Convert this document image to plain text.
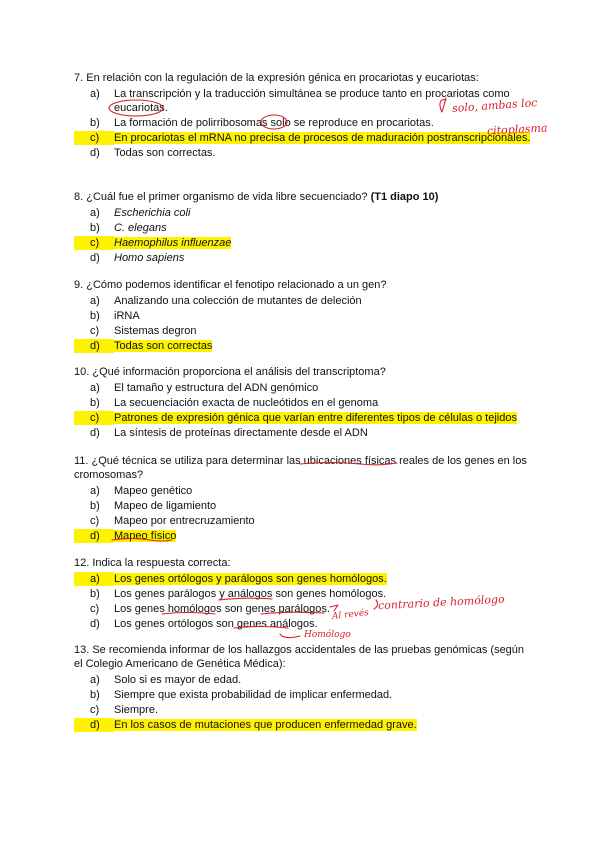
7. En relación con la regulación de la expresión génica en procariotas y eucariotas:

a)	La transcripción y la traducción simultánea se produce tanto en procariotas como eucariotas.
b)	La formación de polirribosomas solo se reproduce en procariotas.
c)	En procariotas el mRNA no precisa de procesos de maduración postranscripcionales.
d)	Todas son correctas.

8. ¿Cuál fue el primer organismo de vida libre secuenciado? (T1 diapo 10)

a)	Escherichia coli
b)	C. elegans
c)	Haemophilus influenzae
d)	Homo sapiens

9. ¿Cómo podemos identificar el fenotipo relacionado a un gen?

a)	Analizando una colección de mutantes de deleción
b)	iRNA
c)	Sistemas degron
d)	Todas son correctas

10. ¿Qué información proporciona el análisis del transcriptoma?

a)	El tamaño y estructura del ADN genómico
b)	La secuenciación exacta de nucleótidos en el genoma
c)	Patrones de expresión génica que varían entre diferentes tipos de células o tejidos
d)	La síntesis de proteínas directamente desde el ADN

11. ¿Qué técnica se utiliza para determinar las ubicaciones físicas reales de los genes en los cromosomas?

a)	Mapeo genético
b)	Mapeo de ligamiento
c)	Mapeo por entrecruzamiento
d)	Mapeo físico

12. Indica la respuesta correcta:

a)	Los genes ortólogos y parálogos son genes homólogos.
b)	Los genes parálogos y análogos son genes homólogos.
c)	Los genes homólogos son genes parálogos.
d)	Los genes ortólogos son genes análogos.

13. Se recomienda informar de los hallazgos accidentales de las pruebas genómicas (según el Colegio Americano de Genética Médica):

a)	Solo si es mayor de edad.
b)	Siempre que exista probabilidad de implicar enfermedad.
c)	Siempre.
d)	En los casos de mutaciones que producen enfermedad grave.
solo, ambas loc
citoplasma
contrario de homólogo
Al revés
Homólogo
